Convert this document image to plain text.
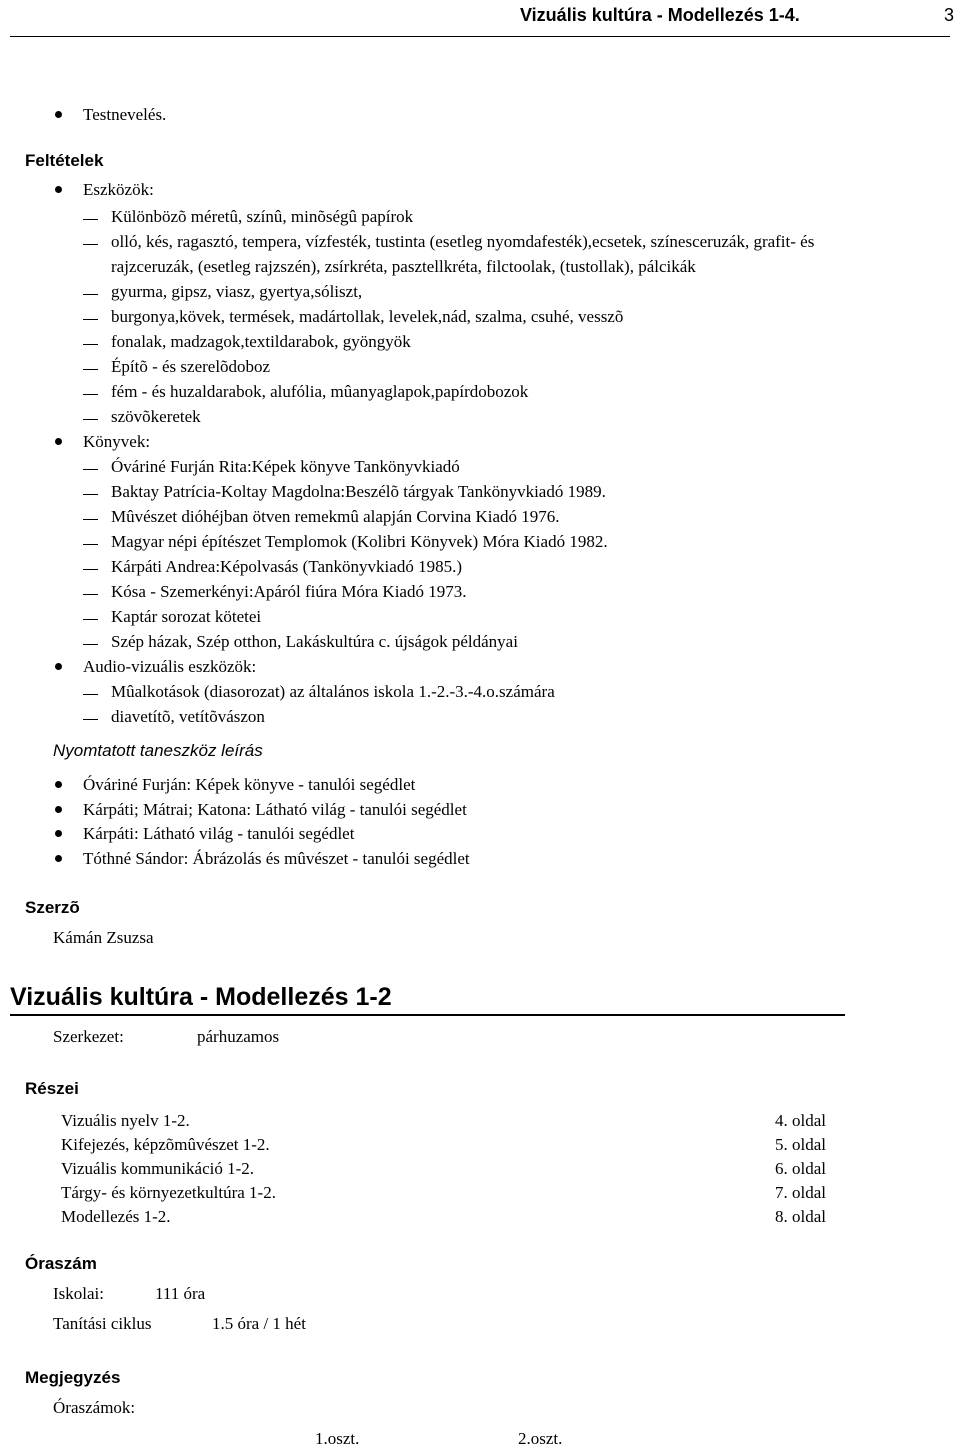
Vizuális kultúra - Modellezés 1-4.	3
Testnevelés.
Feltételek
Eszközök:
Különbözõ méretû, színû, minõségû papírok
olló, kés, ragasztó, tempera, vízfesték, tustinta (esetleg nyomdafesték),ecsetek, színesceruzák, grafit- és
rajzceruzák, (esetleg rajzszén), zsírkréta, pasztellkréta, filctoolak, (tustollak), pálcikák
gyurma, gipsz, viasz, gyertya,sóliszt,
burgonya,kövek, termések, madártollak, levelek,nád, szalma, csuhé, vesszõ
fonalak, madzagok,textildarabok, gyöngyök
Építõ - és szerelõdoboz
fém - és huzaldarabok, alufólia, mûanyaglapok,papírdobozok
szövõkeretek
Könyvek:
Óváriné Furján Rita:Képek könyve Tankönyvkiadó
Baktay Patrícia-Koltay Magdolna:Beszélõ tárgyak Tankönyvkiadó 1989.
Mûvészet dióhéjban ötven remekmû alapján Corvina Kiadó 1976.
Magyar népi építészet Templomok (Kolibri Könyvek) Móra Kiadó 1982.
Kárpáti Andrea:Képolvasás (Tankönyvkiadó 1985.)
Kósa - Szemerkényi:Apáról fiúra Móra Kiadó 1973.
Kaptár sorozat kötetei
Szép házak, Szép otthon, Lakáskultúra c. újságok példányai
Audio-vizuális eszközök:
Mûalkotások (diasorozat) az általános iskola 1.-2.-3.-4.o.számára
diavetítõ, vetítõvászon
Nyomtatott taneszköz leírás
Óváriné Furján: Képek könyve - tanulói segédlet
Kárpáti; Mátrai; Katona: Látható világ - tanulói segédlet
Kárpáti: Látható világ - tanulói segédlet
Tóthné Sándor: Ábrázolás és mûvészet - tanulói segédlet
Szerzõ
Kámán Zsuzsa
Vizuális kultúra - Modellezés 1-2
Szerkezet:	párhuzamos
Részei
Vizuális nyelv 1-2.	4. oldal
Kifejezés, képzõmûvészet 1-2.	5. oldal
Vizuális kommunikáció 1-2.	6. oldal
Tárgy- és környezetkultúra 1-2.	7. oldal
Modellezés 1-2.	8. oldal
Óraszám
Iskolai:	111 óra
Tanítási ciklus	1.5 óra / 1 hét
Megjegyzés
Óraszámok:
1.oszt.	2.oszt.
